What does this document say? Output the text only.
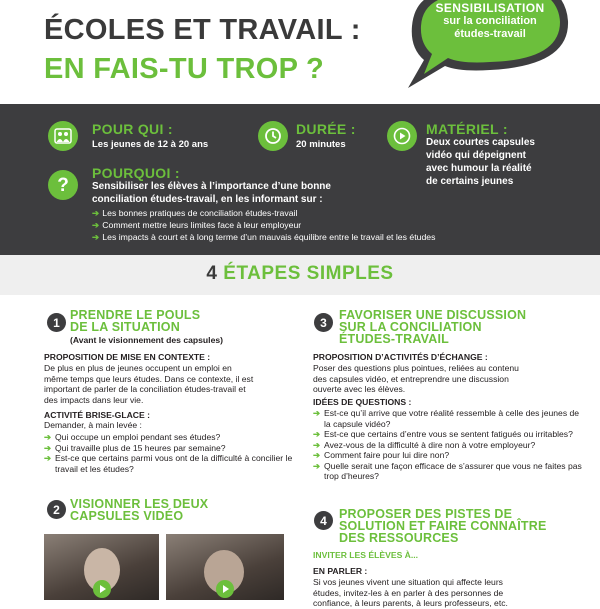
ÉCOLES ET TRAVAIL :
EN FAIS-TU TROP ?
SENSIBILISATION
sur la conciliation
études-travail
POUR QUI :
Les jeunes de 12 à 20 ans
DURÉE :
20 minutes
MATÉRIEL :
Deux courtes capsules
vidéo qui dépeignent
avec humour la réalité
de certains jeunes
?
POURQUOI :
Sensibiliser les élèves à l’importance d’une bonne
conciliation études-travail, en les informant sur :
➔ Les bonnes pratiques de conciliation études-travail
➔ Comment mettre leurs limites face à leur employeur
➔ Les impacts à court et à long terme d’un mauvais équilibre entre le travail et les études
4 ÉTAPES SIMPLES
1
PRENDRE LE POULS
DE LA SITUATION
(Avant le visionnement des capsules)
PROPOSITION DE MISE EN CONTEXTE :
De plus en plus de jeunes occupent un emploi en
même temps que leurs études. Dans ce contexte, il est
important de parler de la conciliation études-travail et
des impacts dans leur vie.
ACTIVITÉ BRISE-GLACE :
Demander, à main levée :
➔ Qui occupe un emploi pendant ses études?
➔ Qui travaille plus de 15 heures par semaine?
➔ Est-ce que certains parmi vous ont de la difficulté à concilier le travail et les études?
2 VISIONNER LES DEUX
CAPSULES VIDÉO
3
FAVORISER UNE DISCUSSION
SUR LA CONCILIATION
ÉTUDES-TRAVAIL
PROPOSITION D’ACTIVITÉS D’ÉCHANGE :
Poser des questions plus pointues, reliées au contenu
des capsules vidéo, et entreprendre une discussion
ouverte avec les élèves.
IDÉES DE QUESTIONS :
➔ Est-ce qu’il arrive que votre réalité ressemble à celle des jeunes de la capsule vidéo?
➔ Est-ce que certains d’entre vous se sentent fatigués ou irritables?
➔ Avez-vous de la difficulté à dire non à votre employeur?
➔ Comment faire pour lui dire non?
➔ Quelle serait une façon efficace de s’assurer que vous ne faites pas trop d’heures?
4 PROPOSER DES PISTES DE
SOLUTION ET FAIRE CONNAÎTRE
DES RESSOURCES
INVITER LES ÉLÈVES À...
EN PARLER :
Si vos jeunes vivent une situation qui affecte leurs
études, invitez-les à en parler à des personnes de
confiance, à leurs parents, à leurs professeurs, etc.
